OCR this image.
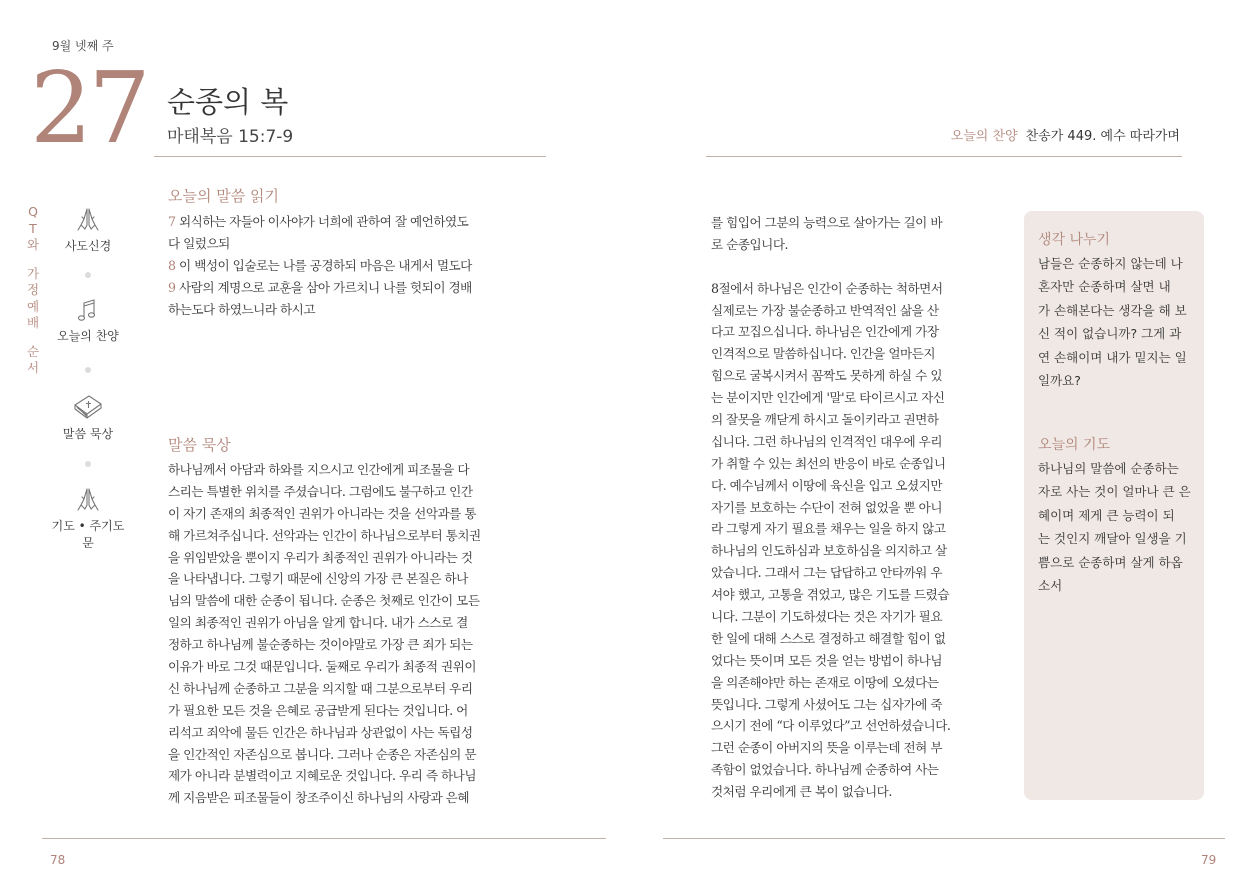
9월 넷째 주
27 순종의 복
마태복음 15:7-9	오늘의 찬양 찬송가 449. 예수 따라가며
Q
T
와
가
정
예
배
순
서
사도신경
오늘의 찬양
말씀 묵상
기도 • 주기도문
오늘의 말씀 읽기
7 외식하는 자들아 이사야가 너희에 관하여 잘 예언하였도
다 일렀으되
8 이 백성이 입술로는 나를 공경하되 마음은 내게서 멀도다
9 사람의 계명으로 교훈을 삼아 가르치니 나를 헛되이 경배
하는도다 하였느니라 하시고
말씀 묵상
하나님께서 아담과 하와를 지으시고 인간에게 피조물을 다
스리는 특별한 위치를 주셨습니다. 그럼에도 불구하고 인간
이 자기 존재의 최종적인 권위가 아니라는 것을 선악과를 통
해 가르쳐주십니다. 선악과는 인간이 하나님으로부터 통치권
을 위임받았을 뿐이지 우리가 최종적인 권위가 아니라는 것
을 나타냅니다. 그렇기 때문에 신앙의 가장 큰 본질은 하나
님의 말씀에 대한 순종이 됩니다. 순종은 첫째로 인간이 모든
일의 최종적인 권위가 아님을 알게 합니다. 내가 스스로 결
정하고 하나님께 불순종하는 것이야말로 가장 큰 죄가 되는
이유가 바로 그것 때문입니다. 둘째로 우리가 최종적 권위이
신 하나님께 순종하고 그분을 의지할 때 그분으로부터 우리
가 필요한 모든 것을 은혜로 공급받게 된다는 것입니다. 어
리석고 죄악에 물든 인간은 하나님과 상관없이 사는 독립성
을 인간적인 자존심으로 봅니다. 그러나 순종은 자존심의 문
제가 아니라 분별력이고 지혜로운 것입니다. 우리 즉 하나님
께 지음받은 피조물들이 창조주이신 하나님의 사랑과 은혜
를 힘입어 그분의 능력으로 살아가는 길이 바
로 순종입니다.
8절에서 하나님은 인간이 순종하는 척하면서
실제로는 가장 불순종하고 반역적인 삶을 산
다고 꼬집으십니다. 하나님은 인간에게 가장
인격적으로 말씀하십니다. 인간을 얼마든지
힘으로 굴복시켜서 꼼짝도 못하게 하실 수 있
는 분이지만 인간에게 '말'로 타이르시고 자신
의 잘못을 깨닫게 하시고 돌이키라고 권면하
십니다. 그런 하나님의 인격적인 대우에 우리
가 취할 수 있는 최선의 반응이 바로 순종입니
다. 예수님께서 이땅에 육신을 입고 오셨지만
자기를 보호하는 수단이 전혀 없었을 뿐 아니
라 그렇게 자기 필요를 채우는 일을 하지 않고
하나님의 인도하심과 보호하심을 의지하고 살
았습니다. 그래서 그는 답답하고 안타까워 우
셔야 했고, 고통을 겪었고, 많은 기도를 드렸습
니다. 그분이 기도하셨다는 것은 자기가 필요
한 일에 대해 스스로 결정하고 해결할 힘이 없
었다는 뜻이며 모든 것을 얻는 방법이 하나님
을 의존해야만 하는 존재로 이땅에 오셨다는
뜻입니다. 그렇게 사셨어도 그는 십자가에 죽
으시기 전에 “다 이루었다”고 선언하셨습니다.
그런 순종이 아버지의 뜻을 이루는데 전혀 부
족함이 없었습니다. 하나님께 순종하여 사는
것처럼 우리에게 큰 복이 없습니다.
생각 나누기
남들은 순종하지 않는데 나
혼자만 순종하며 살면 내
가 손해본다는 생각을 해 보
신 적이 없습니까? 그게 과
연 손해이며 내가 밑지는 일
일까요?
오늘의 기도
하나님의 말씀에 순종하는
자로 사는 것이 얼마나 큰 은
혜이며 제게 큰 능력이 되
는 것인지 깨달아 일생을 기
쁨으로 순종하며 살게 하옵
소서
78	79
